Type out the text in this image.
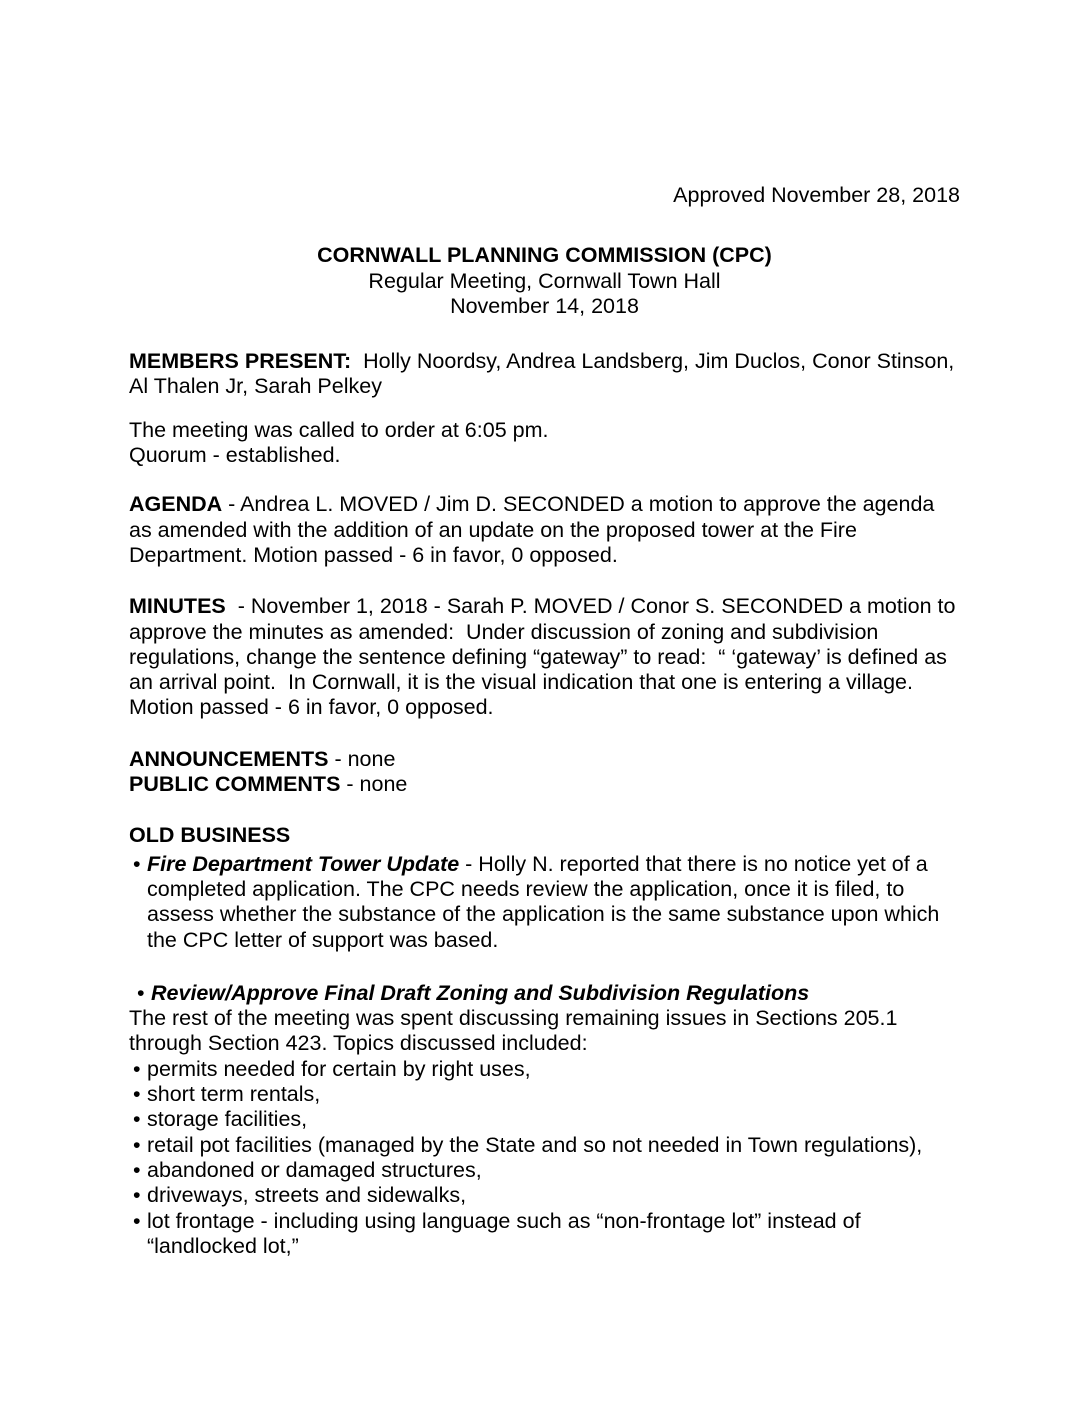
Approved November 28, 2018

CORNWALL PLANNING COMMISSION (CPC)

Regular Meeting, Cornwall Town Hall

November 14, 2018

MEMBERS PRESENT:  Holly Noordsy, Andrea Landsberg, Jim Duclos, Conor Stinson, Al Thalen Jr, Sarah Pelkey

The meeting was called to order at 6:05 pm.

Quorum - established.

AGENDA - Andrea L. MOVED / Jim D. SECONDED a motion to approve the agenda as amended with the addition of an update on the proposed tower at the Fire Department. Motion passed - 6 in favor, 0 opposed.

MINUTES  - November 1, 2018 - Sarah P. MOVED / Conor S. SECONDED a motion to approve the minutes as amended:  Under discussion of zoning and subdivision regulations, change the sentence defining “gateway” to read:  “ ‘gateway’ is defined as an arrival point.  In Cornwall, it is the visual indication that one is entering a village. Motion passed - 6 in favor, 0 opposed.

ANNOUNCEMENTS - none

PUBLIC COMMENTS - none

OLD BUSINESS

• Fire Department Tower Update - Holly N. reported that there is no notice yet of a completed application. The CPC needs review the application, once it is filed, to assess whether the substance of the application is the same substance upon which the CPC letter of support was based.
• Review/Approve Final Draft Zoning and Subdivision Regulations

The rest of the meeting was spent discussing remaining issues in Sections 205.1 through Section 423. Topics discussed included:

• permits needed for certain by right uses,
• short term rentals,
• storage facilities,
• retail pot facilities (managed by the State and so not needed in Town regulations),
• abandoned or damaged structures,
• driveways, streets and sidewalks,
• lot frontage - including using language such as “non-frontage lot” instead of “landlocked lot,”
